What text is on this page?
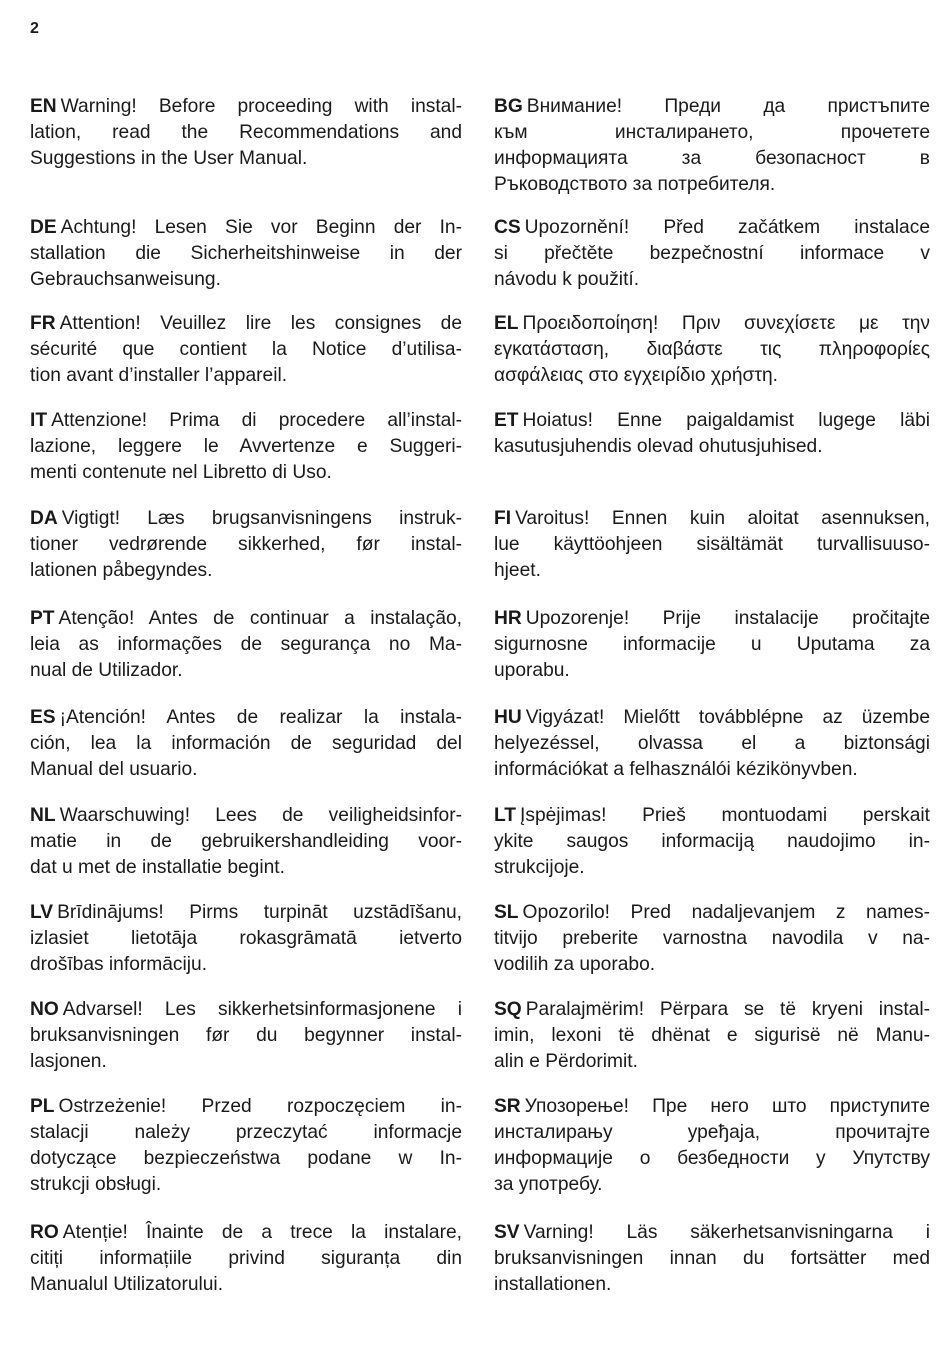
2
EN Warning! Before proceeding with instal-
lation, read the Recommendations and
Suggestions in the User Manual.
DE Achtung! Lesen Sie vor Beginn der In-
stallation die Sicherheitshinweise in der
Gebrauchsanweisung.
FR Attention! Veuillez lire les consignes de
sécurité que contient la Notice d’utilisa-
tion avant d’installer l’appareil.
IT Attenzione! Prima di procedere all’instal-
lazione, leggere le Avvertenze e Suggeri-
menti contenute nel Libretto di Uso.
DA Vigtigt! Læs brugsanvisningens instruk-
tioner vedrørende sikkerhed, før instal-
lationen påbegyndes.
PT Atenção! Antes de continuar a instalação,
leia as informações de segurança no Ma-
nual de Utilizador.
ES ¡Atención! Antes de realizar la instala-
ción, lea la información de seguridad del
Manual del usuario.
NL Waarschuwing! Lees de veiligheidsinfor-
matie in de gebruikershandleiding voor-
dat u met de installatie begint.
LV Brīdinājums! Pirms turpināt uzstādīšanu,
izlasiet lietotāja rokasgrāmatā ietverto
drošības informāciju.
NO Advarsel! Les sikkerhetsinformasjonene i
bruksanvisningen før du begynner instal-
lasjonen.
PL Ostrzeżenie! Przed rozpoczęciem in-
stalacji należy przeczytać informacje
dotyczące bezpieczeństwa podane w In-
strukcji obsługi.
RO Atenție! Înainte de a trece la instalare,
citiți informațiile privind siguranța din
Manualul Utilizatorului.
BG Внимание! Преди да пристъпите
към инсталирането, прочетете
информацията за безопасност в
Ръководството за потребителя.
CS Upozornění! Před začátkem instalace
si přečtěte bezpečnostní informace v
návodu k použití.
EL Προειδοποίηση! Πριν συνεχίσετε με την
εγκατάσταση, διαβάστε τις πληροφορίες
ασφάλειας στο εγχειρίδιο χρήστη.
ET Hoiatus! Enne paigaldamist lugege läbi
kasutusjuhendis olevad ohutusjuhised.
FI Varoitus! Ennen kuin aloitat asennuksen,
lue käyttöohjeen sisältämät turvallisuuso-
hjeet.
HR Upozorenje! Prije instalacije pročitajte
sigurnosne informacije u Uputama za
uporabu.
HU Vigyázat! Mielőtt továbblépne az üzembe
helyezéssel, olvassa el a biztonsági
információkat a felhasználói kézikönyvben.
LT Įspėjimas! Prieš montuodami perskait
ykite saugos informaciją naudojimo in-
strukcijoje.
SL Opozorilo! Pred nadaljevanjem z names-
titvijo preberite varnostna navodila v na-
vodilih za uporabo.
SQ Paralajmërim! Përpara se të kryeni instal-
imin, lexoni të dhënat e sigurisë në Manu-
alin e Përdorimit.
SR Упозорење! Пре него што приступите
инсталирању уређаја, прочитајте
информације о безбедности у Упутству
за употребу.
SV Varning! Läs säkerhetsanvisningarna i
bruksanvisningen innan du fortsätter med
installationen.
